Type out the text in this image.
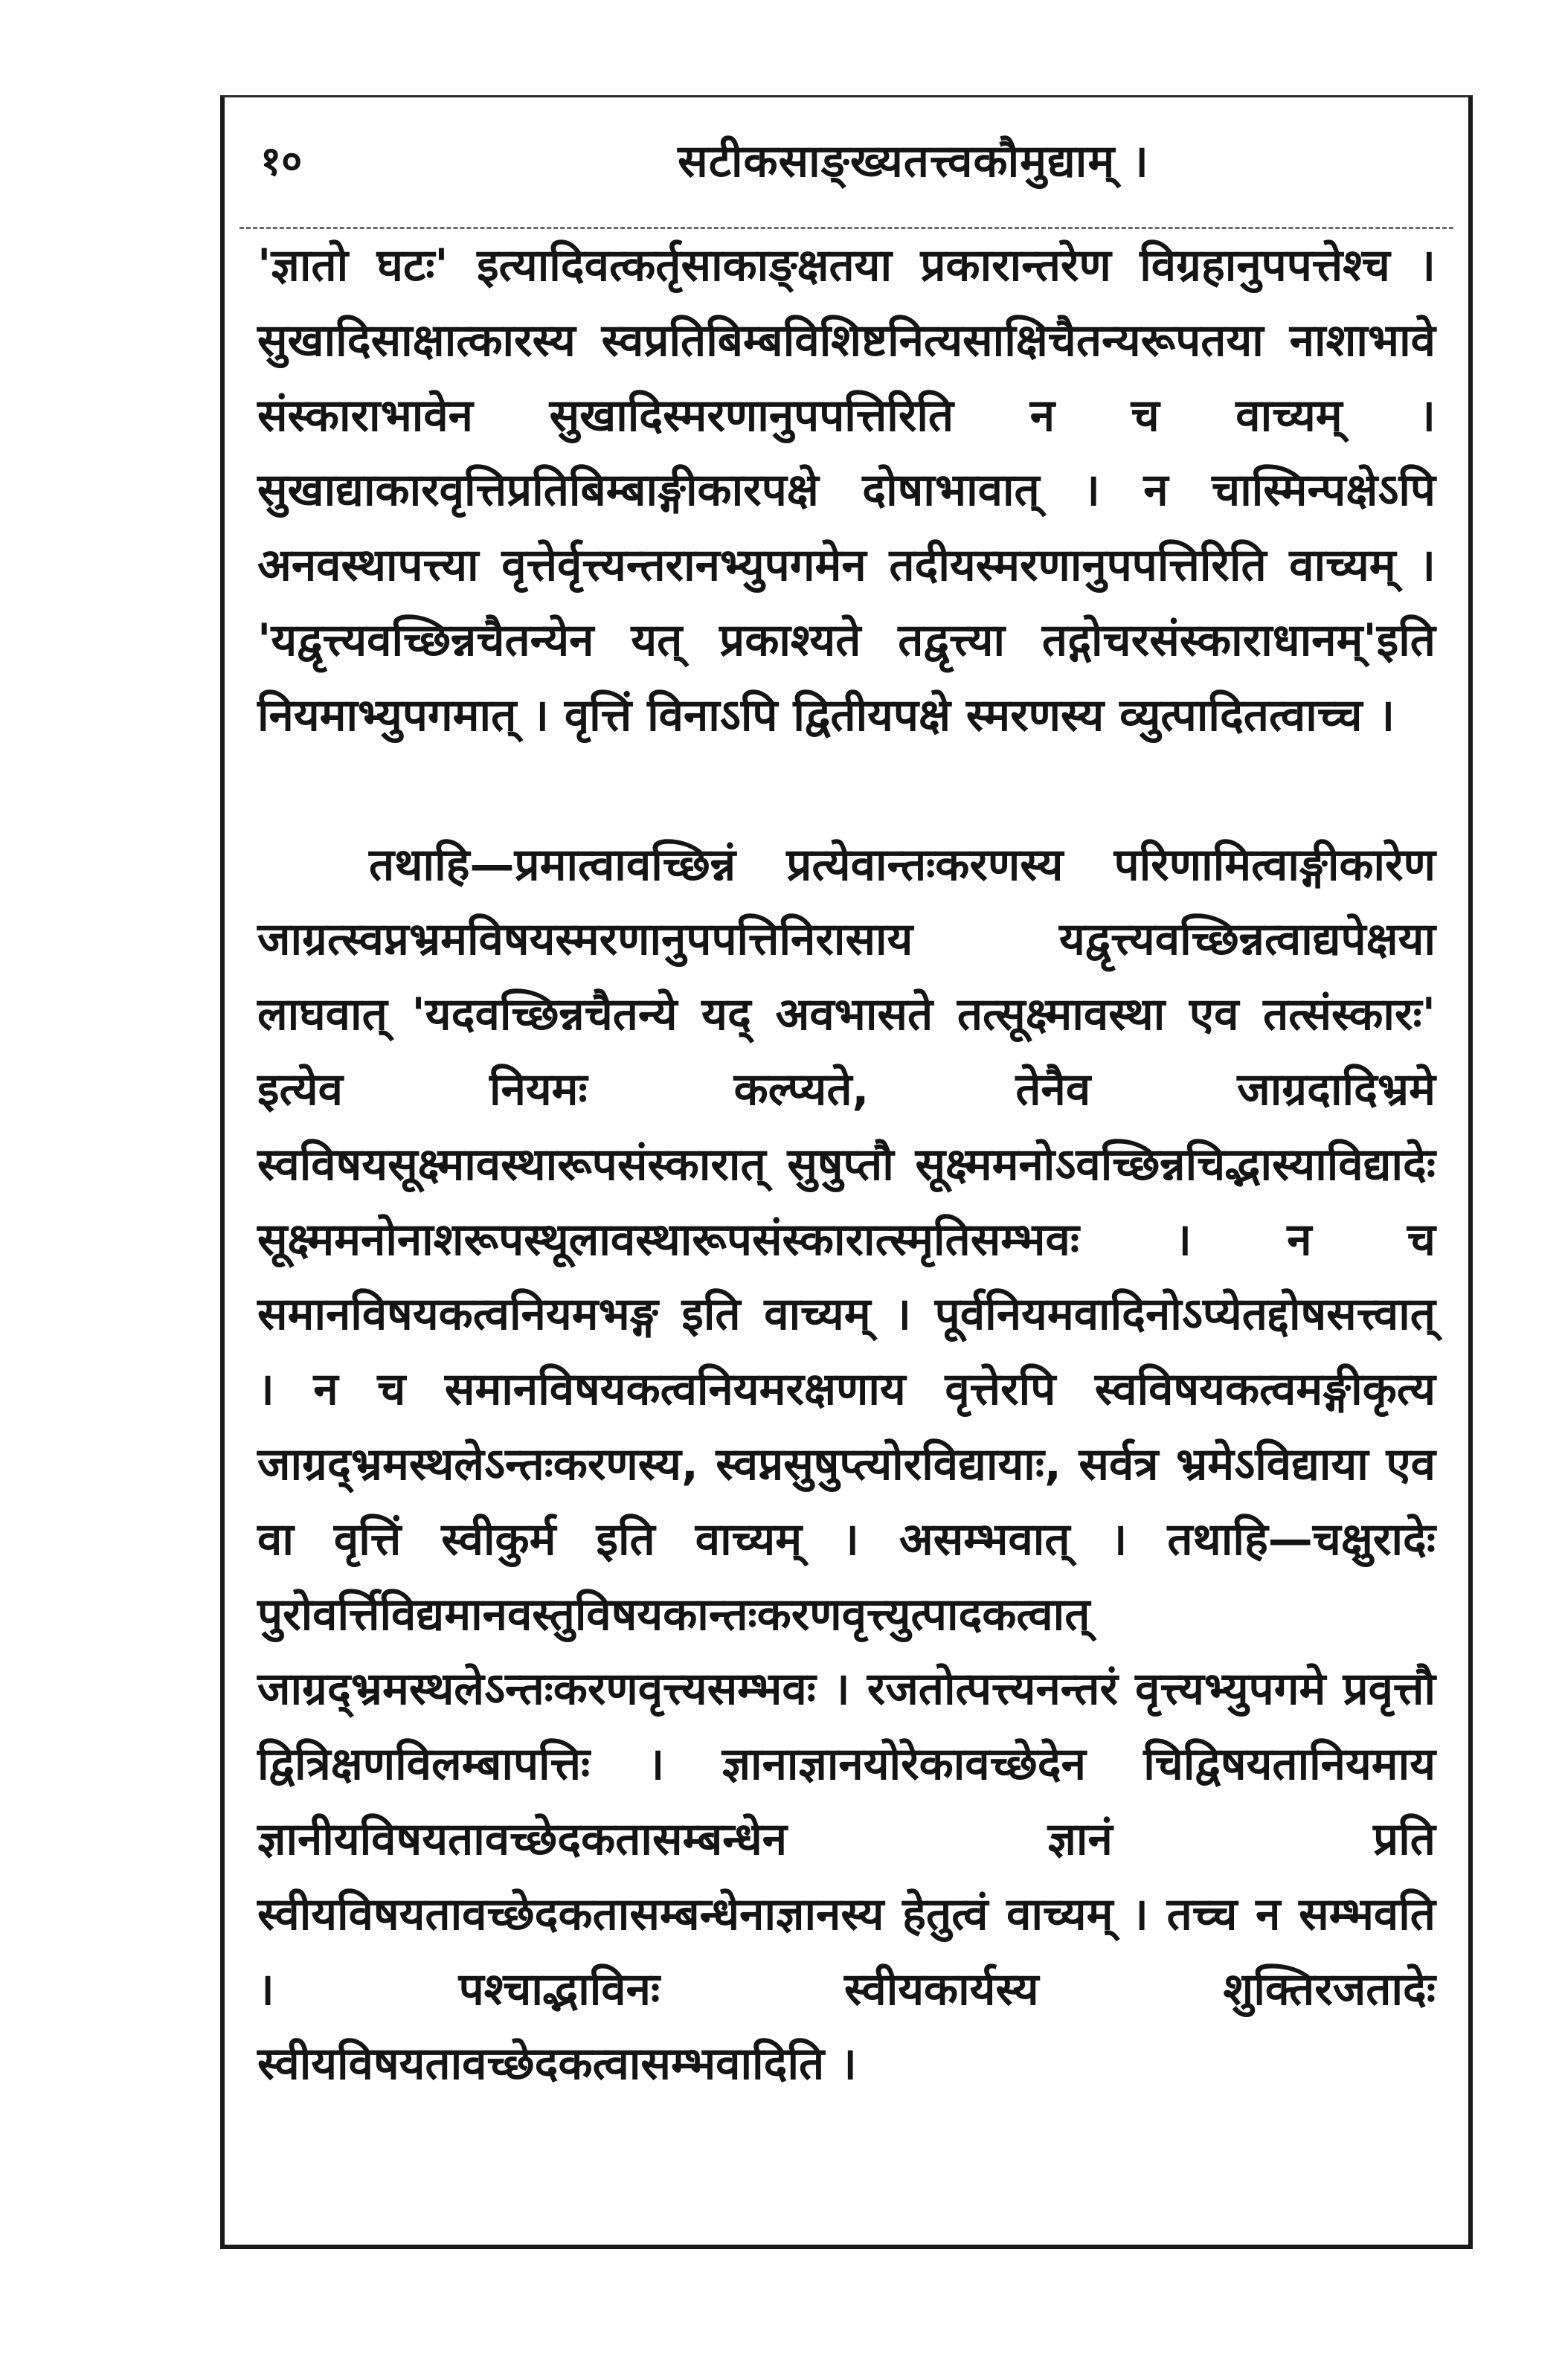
१०	सटीकसाङ्ख्यतत्त्वकौमुद्याम् ।

'ज्ञातो घटः' इत्यादिवत्कर्तृसाकाङ्क्षतया प्रकारान्तरेण विग्रहानुपपत्तेश्च । सुखादिसाक्षात्कारस्य स्वप्रतिबिम्बविशिष्टनित्यसाक्षिचैतन्यरूपतया नाशाभावे संस्काराभावेन सुखादिस्मरणानुपपत्तिरिति न च वाच्यम् । सुखाद्याकारवृत्तिप्रतिबिम्बाङ्गीकारपक्षे दोषाभावात् । न चास्मिन्पक्षेऽपि अनवस्थापत्त्या वृत्तेर्वृत्त्यन्तरानभ्युपगमेन तदीयस्मरणानुपपत्तिरिति वाच्यम् । 'यद्वृत्त्यवच्छिन्नचैतन्येन यत् प्रकाश्यते तद्वृत्त्या तद्गोचरसंस्काराधानम्'इति नियमाभ्युपगमात् । वृत्तिं विनाऽपि द्वितीयपक्षे स्मरणस्य व्युत्पादितत्वाच्च ।

तथाहि—प्रमात्वावच्छिन्नं प्रत्येवान्तःकरणस्य परिणामित्वाङ्गीकारेण जाग्रत्स्वप्नभ्रमविषयस्मरणानुपपत्तिनिरासाय यद्वृत्त्यवच्छिन्नत्वाद्यपेक्षया लाघवात् 'यदवच्छिन्नचैतन्ये यद् अवभासते तत्सूक्ष्मावस्था एव तत्संस्कारः' इत्येव नियमः कल्प्यते, तेनैव जाग्रदादिभ्रमे स्वविषयसूक्ष्मावस्थारूपसंस्कारात् सुषुप्तौ सूक्ष्ममनोऽवच्छिन्नचिद्भास्याविद्यादेः सूक्ष्ममनोनाशरूपस्थूलावस्थारूपसंस्कारात्स्मृतिसम्भवः । न च समानविषयकत्वनियमभङ्ग इति वाच्यम् । पूर्वनियमवादिनोऽप्येतद्दोषसत्त्वात् । न च समानविषयकत्वनियमरक्षणाय वृत्तेरपि स्वविषयकत्वमङ्गीकृत्य जाग्रद्भ्रमस्थलेऽन्तःकरणस्य, स्वप्नसुषुप्त्योरविद्यायाः, सर्वत्र भ्रमेऽविद्याया एव वा वृत्तिं स्वीकुर्म इति वाच्यम् । असम्भवात् । तथाहि—चक्षुरादेः पुरोवर्त्तिविद्यमानवस्तुविषयकान्तःकरणवृत्त्युत्पादकत्वात् जाग्रद्भ्रमस्थलेऽन्तःकरणवृत्त्यसम्भवः । रजतोत्पत्त्यनन्तरं वृत्त्यभ्युपगमे प्रवृत्तौ द्वित्रिक्षणविलम्बापत्तिः । ज्ञानाज्ञानयोरेकावच्छेदेन चिद्विषयतानियमाय ज्ञानीयविषयतावच्छेदकतासम्बन्धेन ज्ञानं प्रति स्वीयविषयतावच्छेदकतासम्बन्धेनाज्ञानस्य हेतुत्वं वाच्यम् । तच्च न सम्भवति । पश्चाद्भाविनः स्वीयकार्यस्य शुक्तिरजतादेः स्वीयविषयतावच्छेदकत्वासम्भवादिति ।
